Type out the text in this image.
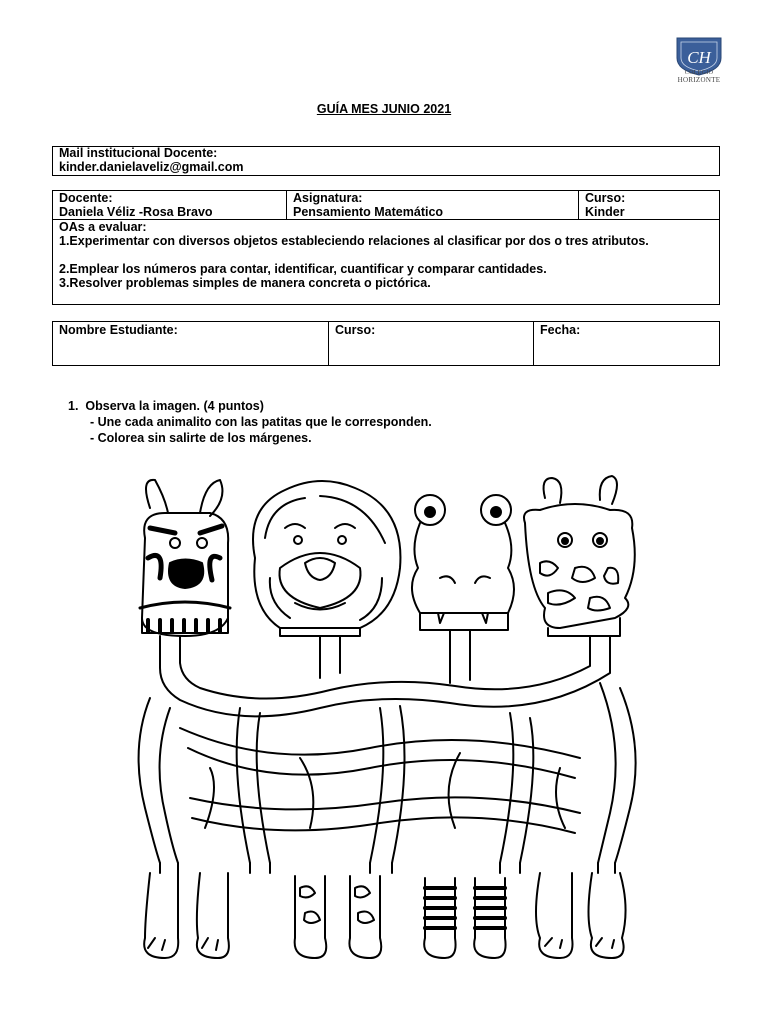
CH
COLEGIO
HORIZONTE
GUÍA MES JUNIO 2021
Mail institucional Docente:
kinder.danielaveliz@gmail.com
Docente:
Daniela Véliz -Rosa Bravo
Asignatura:
Pensamiento Matemático
Curso:
Kinder
OAs a evaluar:
1.Experimentar con diversos objetos estableciendo relaciones al clasificar por dos o tres atributos.
2.Emplear los números para contar, identificar, cuantificar y comparar cantidades.
3.Resolver problemas simples de manera concreta o pictórica.
Nombre Estudiante:	Curso:	Fecha:
1. Observa la imagen. (4 puntos)
- Une cada animalito con las patitas que le corresponden.
- Colorea sin salirte de los márgenes.
